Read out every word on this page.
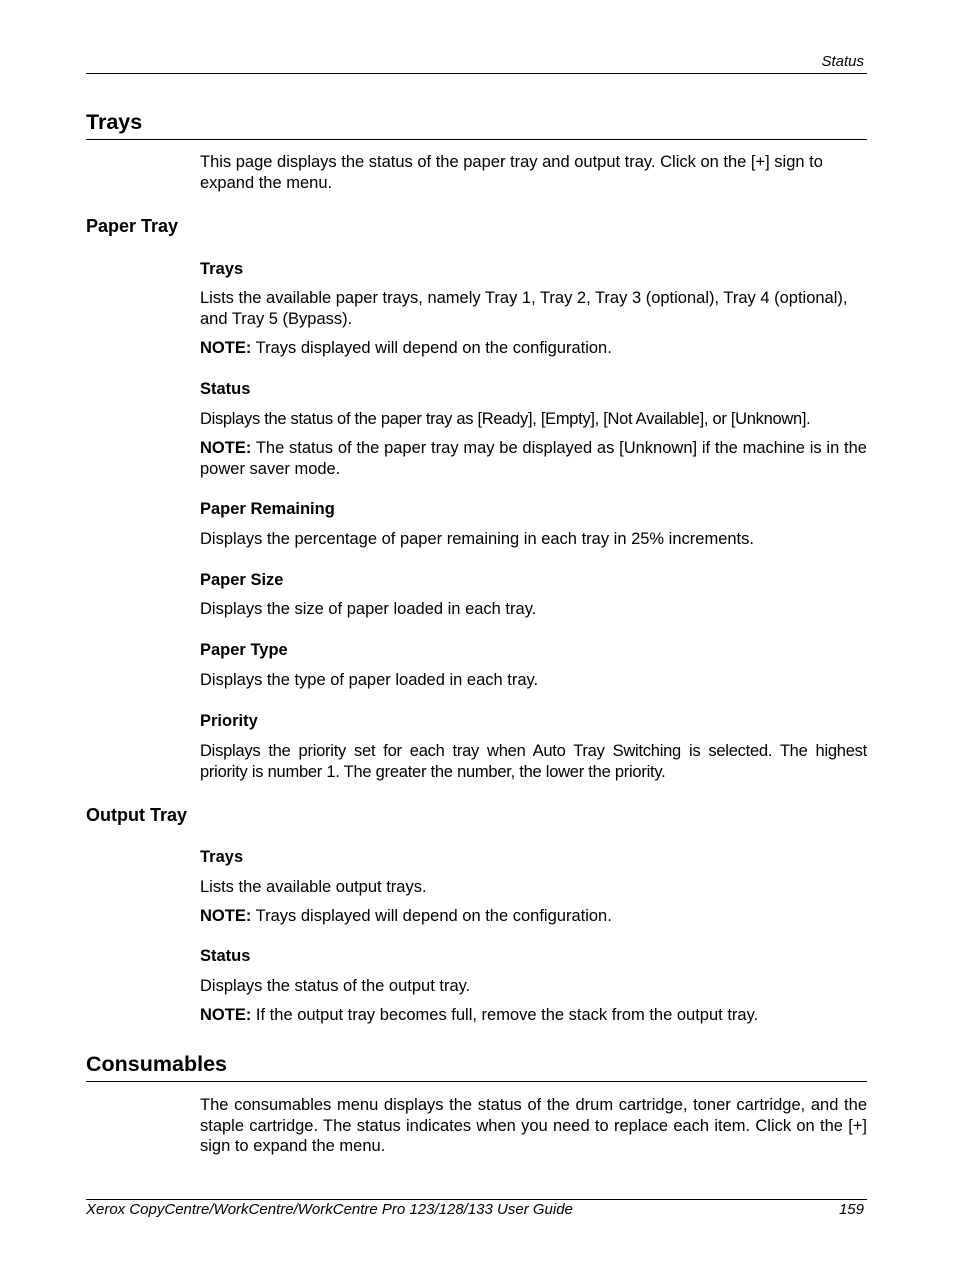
Status
Trays
This page displays the status of the paper tray and output tray. Click on the [+] sign to expand the menu.
Paper Tray
Trays
Lists the available paper trays, namely Tray 1, Tray 2, Tray 3 (optional), Tray 4 (optional), and Tray 5 (Bypass).
NOTE: Trays displayed will depend on the configuration.
Status
Displays the status of the paper tray as [Ready], [Empty], [Not Available], or [Unknown].
NOTE: The status of the paper tray may be displayed as [Unknown] if the machine is in the power saver mode.
Paper Remaining
Displays the percentage of paper remaining in each tray in 25% increments.
Paper Size
Displays the size of paper loaded in each tray.
Paper Type
Displays the type of paper loaded in each tray.
Priority
Displays the priority set for each tray when Auto Tray Switching is selected. The highest priority is number 1. The greater the number, the lower the priority.
Output Tray
Trays
Lists the available output trays.
NOTE: Trays displayed will depend on the configuration.
Status
Displays the status of the output tray.
NOTE: If the output tray becomes full, remove the stack from the output tray.
Consumables
The consumables menu displays the status of the drum cartridge, toner cartridge, and the staple cartridge. The status indicates when you need to replace each item. Click on the [+] sign to expand the menu.
Xerox CopyCentre/WorkCentre/WorkCentre Pro 123/128/133 User Guide	159
